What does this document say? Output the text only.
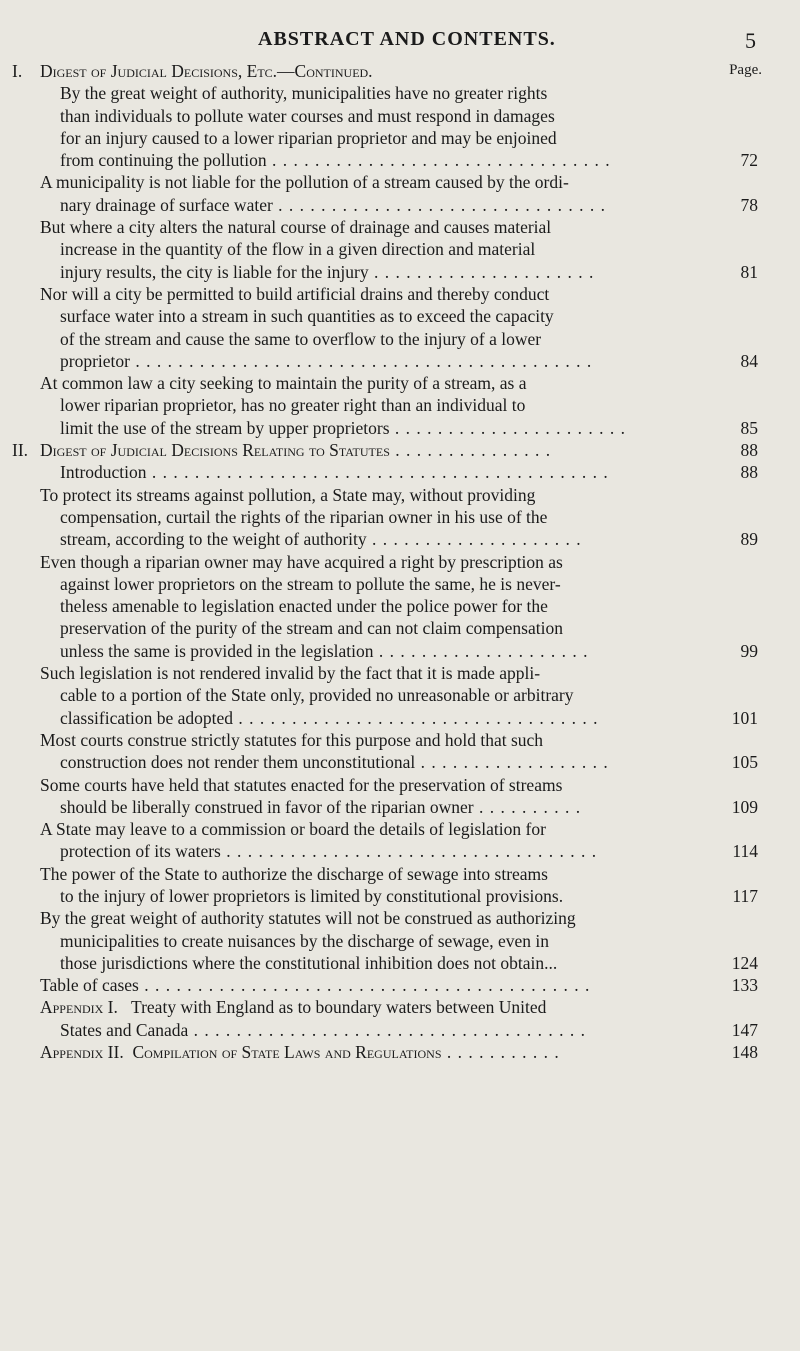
ABSTRACT AND CONTENTS.	5
Page.
I. Digest of Judicial Decisions, Etc.—Continued.
By the great weight of authority, municipalities have no greater rights
than individuals to pollute water courses and must respond in damages
for an injury caused to a lower riparian proprietor and may be enjoined
from continuing the pollution . . . . . . . . . . . . . . . . . . . . . . . . . . . . . . . .	72
A municipality is not liable for the pollution of a stream caused by the ordi-
nary drainage of surface water . . . . . . . . . . . . . . . . . . . . . . . . . . . . . . .	78
But where a city alters the natural course of drainage and causes material
increase in the quantity of the flow in a given direction and material
injury results, the city is liable for the injury . . . . . . . . . . . . . . . . . . . . .	81
Nor will a city be permitted to build artificial drains and thereby conduct
surface water into a stream in such quantities as to exceed the capacity
of the stream and cause the same to overflow to the injury of a lower
proprietor . . . . . . . . . . . . . . . . . . . . . . . . . . . . . . . . . . . . . . . . . . .	84
At common law a city seeking to maintain the purity of a stream, as a
lower riparian proprietor, has no greater right than an individual to
limit the use of the stream by upper proprietors . . . . . . . . . . . . . . . . . . . . . .	85
II. Digest of Judicial Decisions Relating to Statutes . . . . . . . . . . . . . . .	88
Introduction . . . . . . . . . . . . . . . . . . . . . . . . . . . . . . . . . . . . . . . . . . .	88
To protect its streams against pollution, a State may, without providing
compensation, curtail the rights of the riparian owner in his use of the
stream, according to the weight of authority . . . . . . . . . . . . . . . . . . . .	89
Even though a riparian owner may have acquired a right by prescription as
against lower proprietors on the stream to pollute the same, he is never-
theless amenable to legislation enacted under the police power for the
preservation of the purity of the stream and can not claim compensation
unless the same is provided in the legislation . . . . . . . . . . . . . . . . . . . .	99
Such legislation is not rendered invalid by the fact that it is made appli-
cable to a portion of the State only, provided no unreasonable or arbitrary
classification be adopted . . . . . . . . . . . . . . . . . . . . . . . . . . . . . . . . . .	101
Most courts construe strictly statutes for this purpose and hold that such
construction does not render them unconstitutional . . . . . . . . . . . . . . . . . .	105
Some courts have held that statutes enacted for the preservation of streams
should be liberally construed in favor of the riparian owner . . . . . . . . . .	109
A State may leave to a commission or board the details of legislation for
protection of its waters . . . . . . . . . . . . . . . . . . . . . . . . . . . . . . . . . . .	114
The power of the State to authorize the discharge of sewage into streams
to the injury of lower proprietors is limited by constitutional provisions.	117
By the great weight of authority statutes will not be construed as authorizing
municipalities to create nuisances by the discharge of sewage, even in
those jurisdictions where the constitutional inhibition does not obtain...	124
Table of cases . . . . . . . . . . . . . . . . . . . . . . . . . . . . . . . . . . . . . . . . . .	133
Appendix I. Treaty with England as to boundary waters between United
States and Canada . . . . . . . . . . . . . . . . . . . . . . . . . . . . . . . . . . . . .	147
Appendix II. Compilation of State Laws and Regulations . . . . . . . . . . .	148
